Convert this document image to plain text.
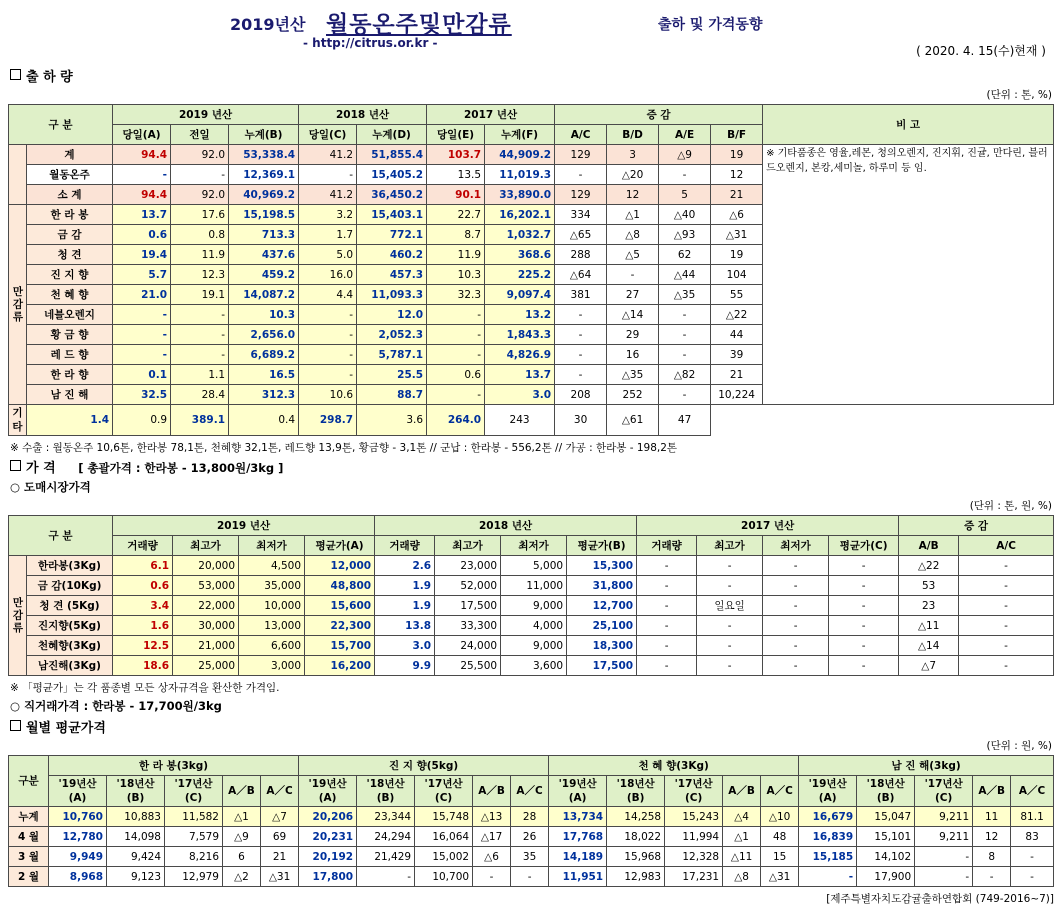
2019년산 월동온주및만감류	출하 및 가격동향
- http://citrus.or.kr -
( 2020. 4. 15(수)현재 )
출 하 량
(단위 : 톤, %)
구 분		2019 년산			2018 년산		2017 년산		증 감				비 고
		당일(A)	전일	누계(B)	당일(C)	누계(D)	당일(E)	누계(F)	A/C	B/D	A/E	B/F	
	계	94.4	92.0	53,338.4	41.2	51,855.4	103.7	44,909.2	129	3	△9	19	※ 기타품종은 영율,레몬, 청의오렌지, 진지휘, 진귤, 만다린, 블러드오렌지, 본캉,세미놀, 하루미 등 임.
	월동온주	-	-	12,369.1	-	15,405.2	13.5	11,019.3	-	△20	-	12	
	소 계	94.4	92.0	40,969.2	41.2	36,450.2	90.1	33,890.0	129	12	5	21	
만감류	한 라 봉	13.7	17.6	15,198.5	3.2	15,403.1	22.7	16,202.1	334	△1	△40	△6	
	금 감	0.6	0.8	713.3	1.7	772.1	8.7	1,032.7	△65	△8	△93	△31	
	청 견	19.4	11.9	437.6	5.0	460.2	11.9	368.6	288	△5	62	19	
	진 지 향	5.7	12.3	459.2	16.0	457.3	10.3	225.2	△64	-	△44	104	
	천 혜 향	21.0	19.1	14,087.2	4.4	11,093.3	32.3	9,097.4	381	27	△35	55	
	네블오렌지	-	-	10.3	-	12.0	-	13.2	-	△14	-	△22	
	황 금 향	-	-	2,656.0	-	2,052.3	-	1,843.3	-	29	-	44	
	레 드 향	-	-	6,689.2	-	5,787.1	-	4,826.9	-	16	-	39	
	한 라 향	0.1	1.1	16.5	-	25.5	0.6	13.7	-	△35	△82	21	
	남 진 해	32.5	28.4	312.3	10.6	88.7	-	3.0	208	252	-	10,224	
기 타	1.4	0.9	389.1	0.4	298.7	3.6	264.0	243	30	△61	47		
※ 수출 : 월동온주 10,6톤, 한라봉 78,1톤, 천혜향 32,1톤, 레드향 13,9톤, 황금향 - 3,1톤 // 군납 : 한라봉 - 556,2톤 // 가공 : 한라봉 - 198,2톤
가 격 [ 총괄가격 : 한라봉 - 13,800원/3kg ]
○ 도매시장가격
(단위 : 톤, 원, %)
구 분		2019 년산				2018 년산				2017 년산				증 감	
		거래량	최고가	최저가	평균가(A)	거래량	최고가	최저가	평균가(B)	거래량	최고가	최저가	평균가(C)	A/B	A/C
만감류	한라봉(3Kg)	6.1	20,000	4,500	12,000	2.6	23,000	5,000	15,300	-	-	-	-	△22	-
	금 감(10Kg)	0.6	53,000	35,000	48,800	1.9	52,000	11,000	31,800	-	-	-	-	53	-
	청 견 (5Kg)	3.4	22,000	10,000	15,600	1.9	17,500	9,000	12,700	-	일요일	-	-	23	-
	진지향(5Kg)	1.6	30,000	13,000	22,300	13.8	33,300	4,000	25,100	-	-	-	-	△11	-
	천혜향(3Kg)	12.5	21,000	6,600	15,700	3.0	24,000	9,000	18,300	-	-	-	-	△14	-
	남진해(3Kg)	18.6	25,000	3,000	16,200	9.9	25,500	3,600	17,500	-	-	-	-	△7	-
※ 「평균가」는 각 품종별 모든 상자규격을 환산한 가격임.
○ 직거래가격 : 한라봉 - 17,700원/3kg
월별 평균가격
(단위 : 원, %)
구분	한 라 봉(3kg)					진 지 향(5kg)					천 혜 향(3Kg)					남 진 해(3kg)				
	'19년산(A)	'18년산(B)	'17년산(C)	A／B	A／C	'19년산(A)	'18년산(B)	'17년산(C)	A／B	A／C	'19년산(A)	'18년산(B)	'17년산(C)	A／B	A／C	'19년산(A)	'18년산(B)	'17년산(C)	A／B	A／C
누계	10,760	10,883	11,582	△1	△7	20,206	23,344	15,748	△13	28	13,734	14,258	15,243	△4	△10	16,679	15,047	9,211	11	81.1
4 월	12,780	14,098	7,579	△9	69	20,231	24,294	16,064	△17	26	17,768	18,022	11,994	△1	48	16,839	15,101	9,211	12	83
3 월	9,949	9,424	8,216	6	21	20,192	21,429	15,002	△6	35	14,189	15,968	12,328	△11	15	15,185	14,102	-	8	-
2 월	8,968	9,123	12,979	△2	△31	17,800	-	10,700	-	-	11,951	12,983	17,231	△8	△31	-	17,900	-	-	-
[제주특별자치도감귤출하연합회 (749-2016~7)]
